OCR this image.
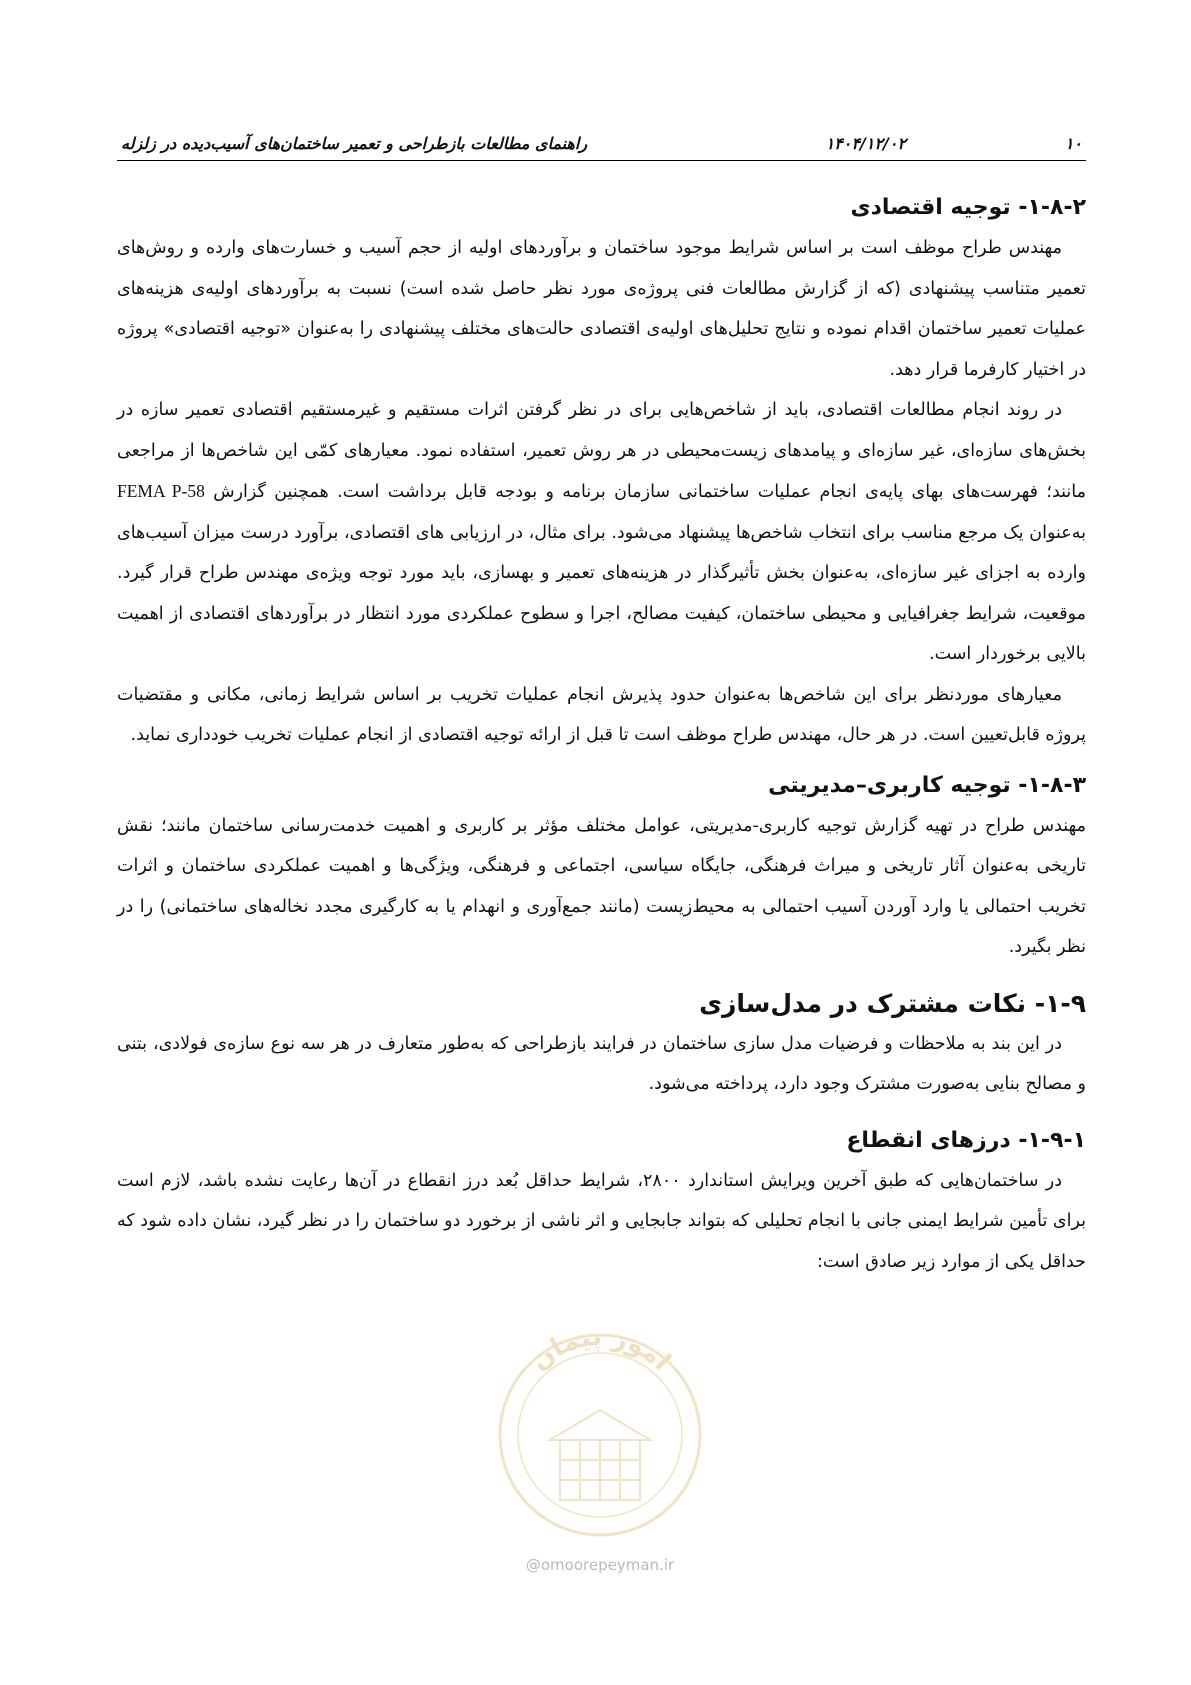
۱۰
۱۴۰۴/۱۲/۰۲
راهنمای مطالعات بازطراحی و تعمیر ساختمان‌های آسیب‌دیده در زلزله
۱-۸-۲- توجیه اقتصادی

مهندس طراح موظف است بر اساس شرایط موجود ساختمان و برآوردهای اولیه از حجم آسیب و خسارت‌های وارده و روش‌های تعمیر متناسب پیشنهادی (که از گزارش مطالعات فنی پروژه‌ی مورد نظر حاصل شده است) نسبت به برآوردهای اولیه‌ی هزینه‌های عملیات تعمیر ساختمان اقدام نموده و نتایج تحلیل‌های اولیه‌ی اقتصادی حالت‌های مختلف پیشنهادی را به‌عنوان «توجیه اقتصادی» پروژه در اختیار کارفرما قرار دهد.

در روند انجام مطالعات اقتصادی، باید از شاخص‌هایی برای در نظر گرفتن اثرات مستقیم و غیرمستقیم اقتصادی تعمیر سازه در بخش‌های سازه‌ای، غیر سازه‌ای و پیامدهای زیست‌محیطی در هر روش تعمیر، استفاده نمود. معیارهای کمّی این شاخص‌ها از مراجعی مانند؛ فهرست‌های بهای پایه‌ی انجام عملیات ساختمانی سازمان برنامه و بودجه قابل برداشت است. همچنین گزارش FEMA P-58 به‌عنوان یک مرجع مناسب برای انتخاب شاخص‌ها پیشنهاد می‌شود. برای مثال، در ارزیابی های اقتصادی، برآورد درست میزان آسیب‌های وارده به اجزای غیر سازه‌ای، به‌عنوان بخش تأثیرگذار در هزینه‌های تعمیر و بهسازی، باید مورد توجه ویژه‌ی مهندس طراح قرار گیرد. موقعیت، شرایط جغرافیایی و محیطی ساختمان، کیفیت مصالح، اجرا و سطوح عملکردی مورد انتظار در برآوردهای اقتصادی از اهمیت بالایی برخوردار است.

معیارهای موردنظر برای این شاخص‌ها به‌عنوان حدود پذیرش انجام عملیات تخریب بر اساس شرایط زمانی، مکانی و مقتضیات پروژه قابل‌تعیین است. در هر حال، مهندس طراح موظف است تا قبل از ارائه توجیه اقتصادی از انجام عملیات تخریب خودداری نماید.

۱-۸-۳- توجیه کاربری–مدیریتی

مهندس طراح در تهیه گزارش توجیه کاربری-مدیریتی، عوامل مختلف مؤثر بر کاربری و اهمیت خدمت‌رسانی ساختمان مانند؛ نقش تاریخی به‌عنوان آثار تاریخی و میراث فرهنگی، جایگاه سیاسی، اجتماعی و فرهنگی، ویژگی‌ها و اهمیت عملکردی ساختمان و اثرات تخریب احتمالی یا وارد آوردن آسیب احتمالی به محیط‌زیست (مانند جمع‌آوری و انهدام یا به کارگیری مجدد نخاله‌های ساختمانی) را در نظر بگیرد.

۱-۹- نکات مشترک در مدل‌سازی

در این بند به ملاحظات و فرضیات مدل سازی ساختمان در فرایند بازطراحی که به‌طور متعارف در هر سه نوع سازه‌ی فولادی، بتنی و مصالح بنایی به‌صورت مشترک وجود دارد، پرداخته می‌شود.

۱-۹-۱- درزهای انقطاع

در ساختمان‌هایی که طبق آخرین ویرایش استاندارد ۲۸۰۰، شرایط حداقل بُعد درز انقطاع در آن‌ها رعایت نشده باشد، لازم است برای تأمین شرایط ایمنی جانی با انجام تحلیلی که بتواند جابجایی و اثر ناشی از برخورد دو ساختمان را در نظر گیرد، نشان داده شود که حداقل یکی از موارد زیر صادق است:

امور پیمان
@omoorepeyman.ir
